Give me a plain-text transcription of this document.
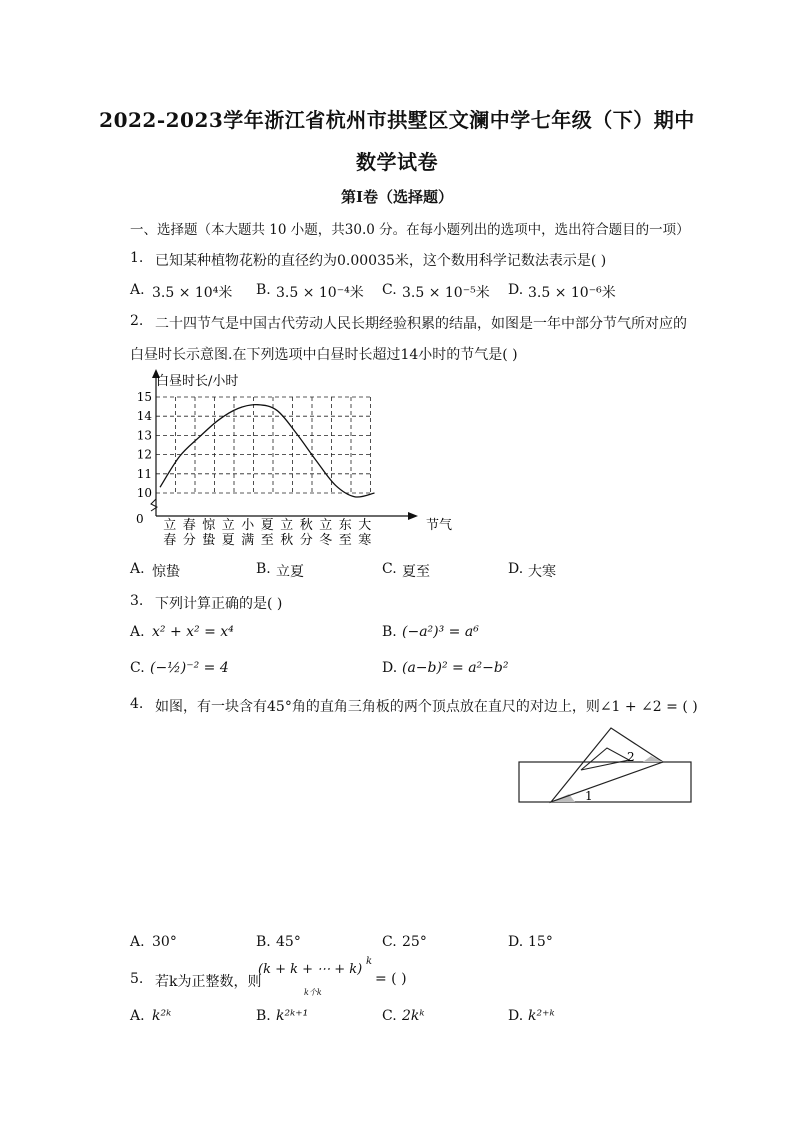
2022-2023学年浙江省杭州市拱墅区文澜中学七年级（下）期中
数学试卷
第I卷（选择题）
一、选择题（本大题共 10 小题，共30.0 分。在每小题列出的选项中，选出符合题目的一项）
1. 已知某种植物花粉的直径约为0.00035米，这个数用科学记数法表示是( )
A. 3.5 × 10⁴米 B. 3.5 × 10⁻⁴米 C. 3.5 × 10⁻⁵米 D. 3.5 × 10⁻⁶米
2. 二十四节气是中国古代劳动人民长期经验积累的结晶，如图是一年中部分节气所对应的
白昼时长示意图.在下列选项中白昼时长超过14小时的节气是( )
10
11
12
13
14
15
立
春
春
分
惊
蛰
立
夏
小
满
夏
至
立
秋
秋
分
立
冬
东
至
大
寒
白昼时长/小时
节气
0
A. 惊蛰	B. 立夏	C. 夏至	D. 大寒
3. 下列计算正确的是( )
A. x² + x² = x⁴	B. (−a²)³ = a⁶
C. (−½)⁻² = 4	D. (a−b)² = a²−b²
4. 如图，有一块含有45°角的直角三角板的两个顶点放在直尺的对边上，则∠1 + ∠2 = ( )
2
1
A. 30°	B. 45°	C. 25°	D. 15°
5. 若k为正整数，则
(k + k + ⋯ + k)
k
k个k
= ( )
A. k²ᵏ	B. k²ᵏ⁺¹	C. 2kᵏ	D. k²⁺ᵏ
